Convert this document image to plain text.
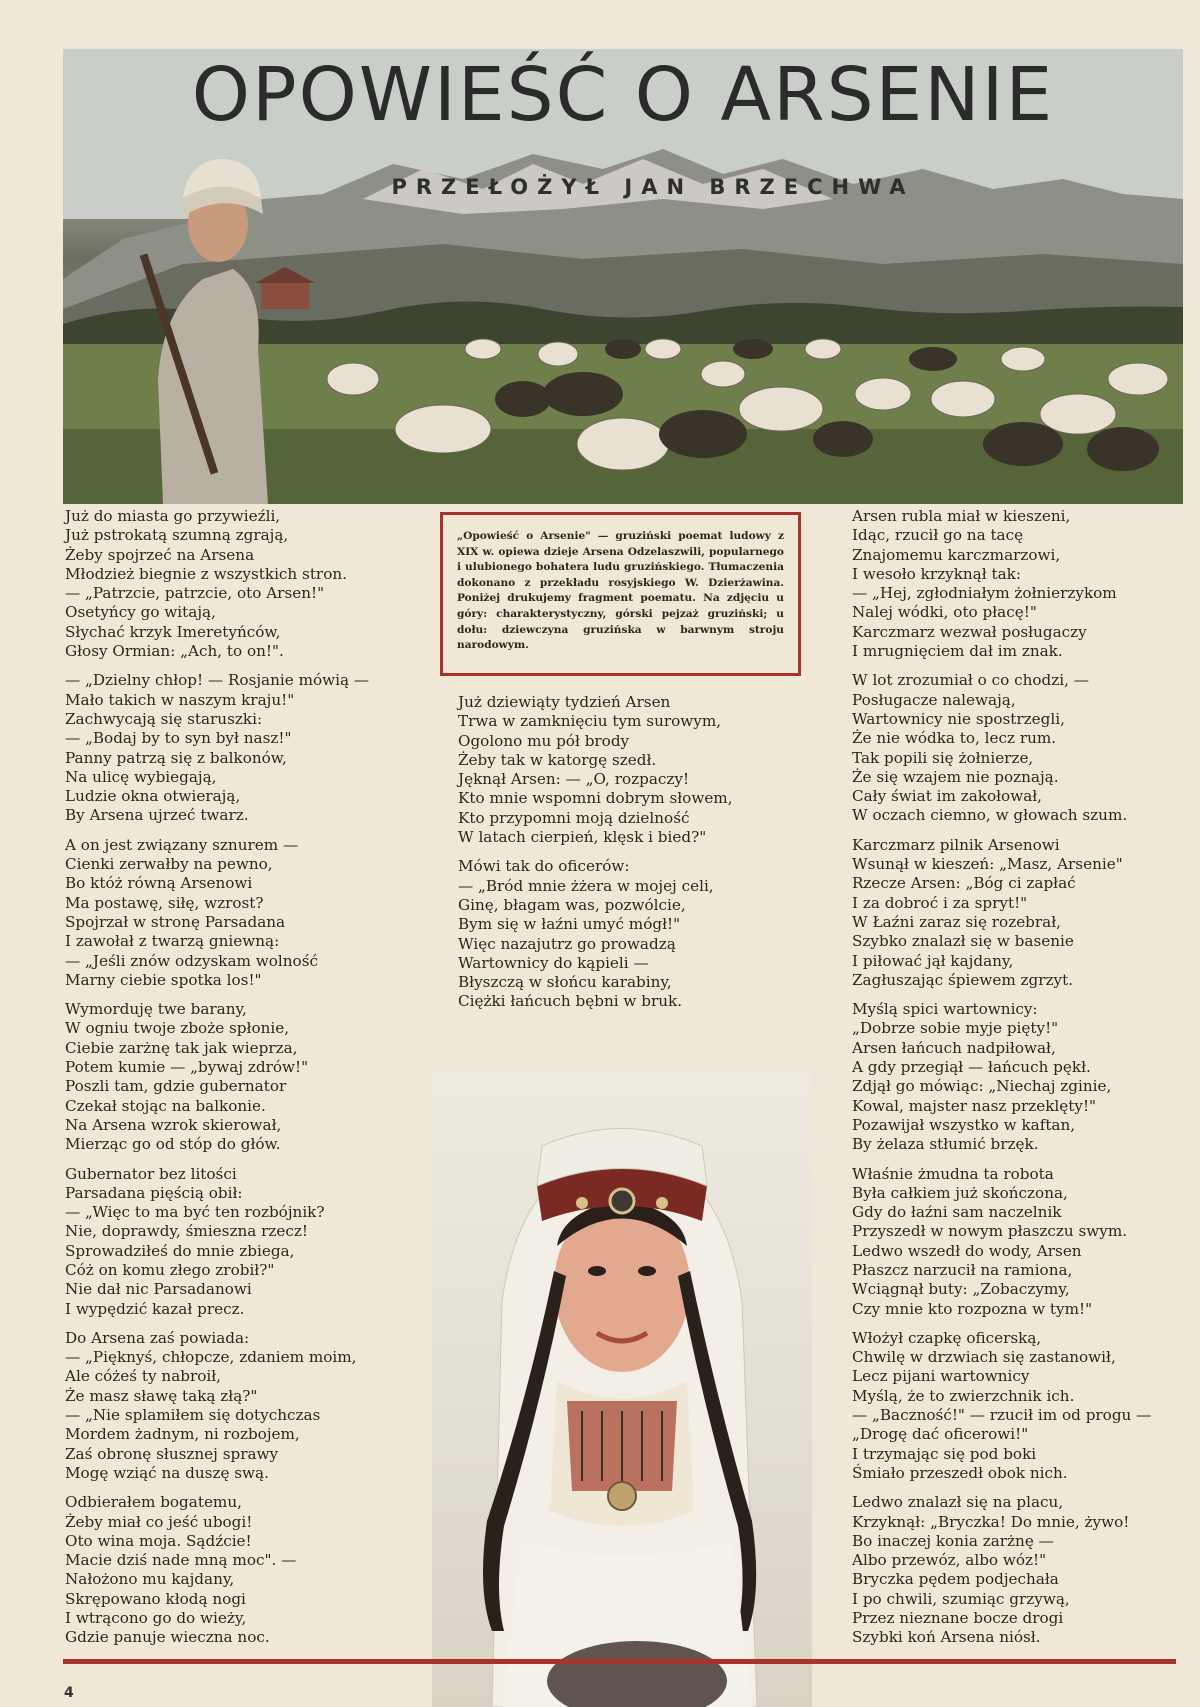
OPOWIEŚĆ O ARSENIE
PRZEŁOŻYŁ JAN BRZECHWA
„Opowieść o Arsenie" — gruziński poemat ludowy z XIX w. opiewa dzieje Arsena Odzelaszwili, popularnego i ulubionego bohatera ludu gruzińskiego. Tłumaczenia dokonano z przekładu rosyjskiego W. Dzierżawina. Poniżej drukujemy fragment poematu. Na zdjęciu u góry: charakterystyczny, górski pejzaż gruziński; u dołu: dziewczyna gruzińska w barwnym stroju narodowym.
Już do miasta go przywieźli,
Już pstrokatą szumną zgrają,
Żeby spojrzeć na Arsena
Młodzież biegnie z wszystkich stron.
— „Patrzcie, patrzcie, oto Arsen!"
Osetyńcy go witają,
Słychać krzyk Imeretyńców,
Głosy Ormian: „Ach, to on!".
— „Dzielny chłop! — Rosjanie mówią —
Mało takich w naszym kraju!"
Zachwycają się staruszki:
— „Bodaj by to syn był nasz!"
Panny patrzą się z balkonów,
Na ulicę wybiegają,
Ludzie okna otwierają,
By Arsena ujrzeć twarz.
A on jest związany sznurem —
Cienki zerwałby na pewno,
Bo któż równą Arsenowi
Ma postawę, siłę, wzrost?
Spojrzał w stronę Parsadana
I zawołał z twarzą gniewną:
— „Jeśli znów odzyskam wolność
Marny ciebie spotka los!"
Wymorduję twe barany,
W ogniu twoje zboże spłonie,
Ciebie zarżnę tak jak wieprza,
Potem kumie — „bywaj zdrów!"
Poszli tam, gdzie gubernator
Czekał stojąc na balkonie.
Na Arsena wzrok skierował,
Mierząc go od stóp do głów.
Gubernator bez litości
Parsadana pięścią obił:
— „Więc to ma być ten rozbójnik?
Nie, doprawdy, śmieszna rzecz!
Sprowadziłeś do mnie zbiega,
Cóż on komu złego zrobił?"
Nie dał nic Parsadanowi
I wypędzić kazał precz.
Do Arsena zaś powiada:
— „Pięknyś, chłopcze, zdaniem moim,
Ale cóżeś ty nabroił,
Że masz sławę taką złą?"
— „Nie splamiłem się dotychczas
Mordem żadnym, ni rozbojem,
Zaś obronę słusznej sprawy
Mogę wziąć na duszę swą.
Odbierałem bogatemu,
Żeby miał co jeść ubogi!
Oto wina moja. Sądźcie!
Macie dziś nade mną moc". —
Nałożono mu kajdany,
Skrępowano kłodą nogi
I wtrącono go do wieży,
Gdzie panuje wieczna noc.
Już dziewiąty tydzień Arsen
Trwa w zamknięciu tym surowym,
Ogolono mu pół brody
Żeby tak w katorgę szedł.
Jęknął Arsen: — „O, rozpaczy!
Kto mnie wspomni dobrym słowem,
Kto przypomni moją dzielność
W latach cierpień, klęsk i bied?"
Mówi tak do oficerów:
— „Bród mnie żżera w mojej celi,
Ginę, błagam was, pozwólcie,
Bym się w łaźni umyć mógł!"
Więc nazajutrz go prowadzą
Wartownicy do kąpieli —
Błyszczą w słońcu karabiny,
Ciężki łańcuch bębni w bruk.
Arsen rubla miał w kieszeni,
Idąc, rzucił go na tacę
Znajomemu karczmarzowi,
I wesoło krzyknął tak:
— „Hej, zgłodniałym żołnierzykom
Nalej wódki, oto płacę!"
Karczmarz wezwał posługaczy
I mrugnięciem dał im znak.
W lot zrozumiał o co chodzi, —
Posługacze nalewają,
Wartownicy nie spostrzegli,
Że nie wódka to, lecz rum.
Tak popili się żołnierze,
Że się wzajem nie poznają.
Cały świat im zakołował,
W oczach ciemno, w głowach szum.
Karczmarz pilnik Arsenowi
Wsunął w kieszeń: „Masz, Arsenie"
Rzecze Arsen: „Bóg ci zapłać
I za dobroć i za spryt!"
W Łaźni zaraz się rozebrał,
Szybko znalazł się w basenie
I piłować jął kajdany,
Zagłuszając śpiewem zgrzyt.
Myślą spici wartownicy:
„Dobrze sobie myje pięty!"
Arsen łańcuch nadpiłował,
A gdy przegiął — łańcuch pękł.
Zdjął go mówiąc: „Niechaj zginie,
Kowal, majster nasz przeklęty!"
Pozawijał wszystko w kaftan,
By żelaza stłumić brzęk.
Właśnie żmudna ta robota
Była całkiem już skończona,
Gdy do łaźni sam naczelnik
Przyszedł w nowym płaszczu swym.
Ledwo wszedł do wody, Arsen
Płaszcz narzucił na ramiona,
Wciągnął buty: „Zobaczymy,
Czy mnie kto rozpozna w tym!"
Włożył czapkę oficerską,
Chwilę w drzwiach się zastanowił,
Lecz pijani wartownicy
Myślą, że to zwierzchnik ich.
— „Baczność!" — rzucił im od progu —
„Drogę dać oficerowi!"
I trzymając się pod boki
Śmiało przeszedł obok nich.
Ledwo znalazł się na placu,
Krzyknął: „Bryczka! Do mnie, żywo!
Bo inaczej konia zarżnę —
Albo przewóz, albo wóz!"
Bryczka pędem podjechała
I po chwili, szumiąc grzywą,
Przez nieznane bocze drogi
Szybki koń Arsena niósł.
4
